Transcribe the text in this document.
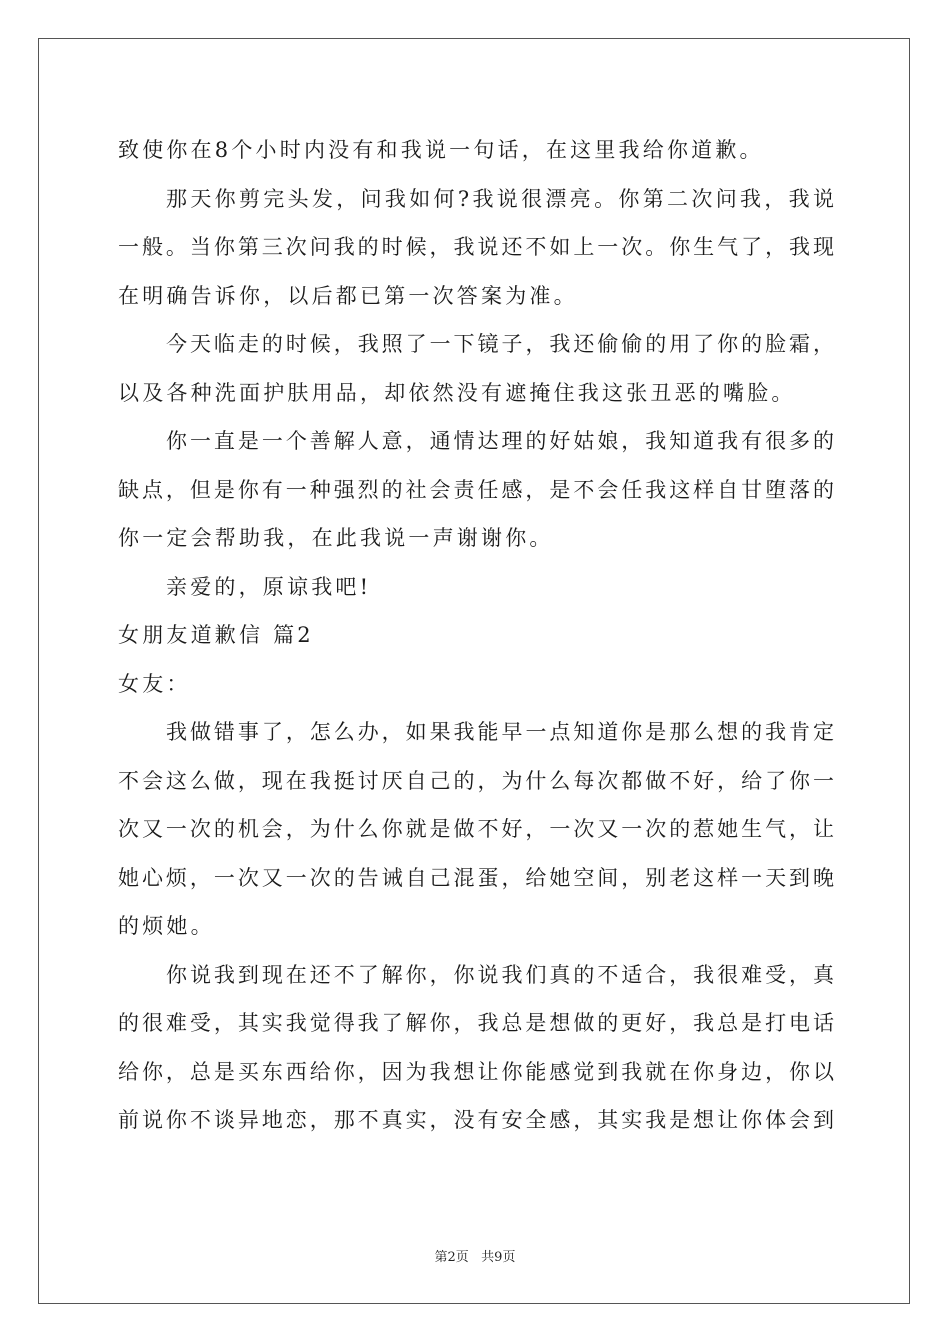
致使你在8个小时内没有和我说一句话，在这里我给你道歉。

那天你剪完头发，问我如何?我说很漂亮。你第二次问我，我说

一般。当你第三次问我的时候，我说还不如上一次。你生气了，我现

在明确告诉你，以后都已第一次答案为准。

今天临走的时候，我照了一下镜子，我还偷偷的用了你的脸霜，

以及各种洗面护肤用品，却依然没有遮掩住我这张丑恶的嘴脸。

你一直是一个善解人意，通情达理的好姑娘，我知道我有很多的

缺点，但是你有一种强烈的社会责任感，是不会任我这样自甘堕落的

你一定会帮助我，在此我说一声谢谢你。

亲爱的，原谅我吧!

女朋友道歉信 篇2

女友：

我做错事了，怎么办，如果我能早一点知道你是那么想的我肯定

不会这么做，现在我挺讨厌自己的，为什么每次都做不好，给了你一

次又一次的机会，为什么你就是做不好，一次又一次的惹她生气，让

她心烦，一次又一次的告诫自己混蛋，给她空间，别老这样一天到晚

的烦她。

你说我到现在还不了解你，你说我们真的不适合，我很难受，真

的很难受，其实我觉得我了解你，我总是想做的更好，我总是打电话

给你，总是买东西给你，因为我想让你能感觉到我就在你身边，你以

前说你不谈异地恋，那不真实，没有安全感，其实我是想让你体会到

第2页   共9页
